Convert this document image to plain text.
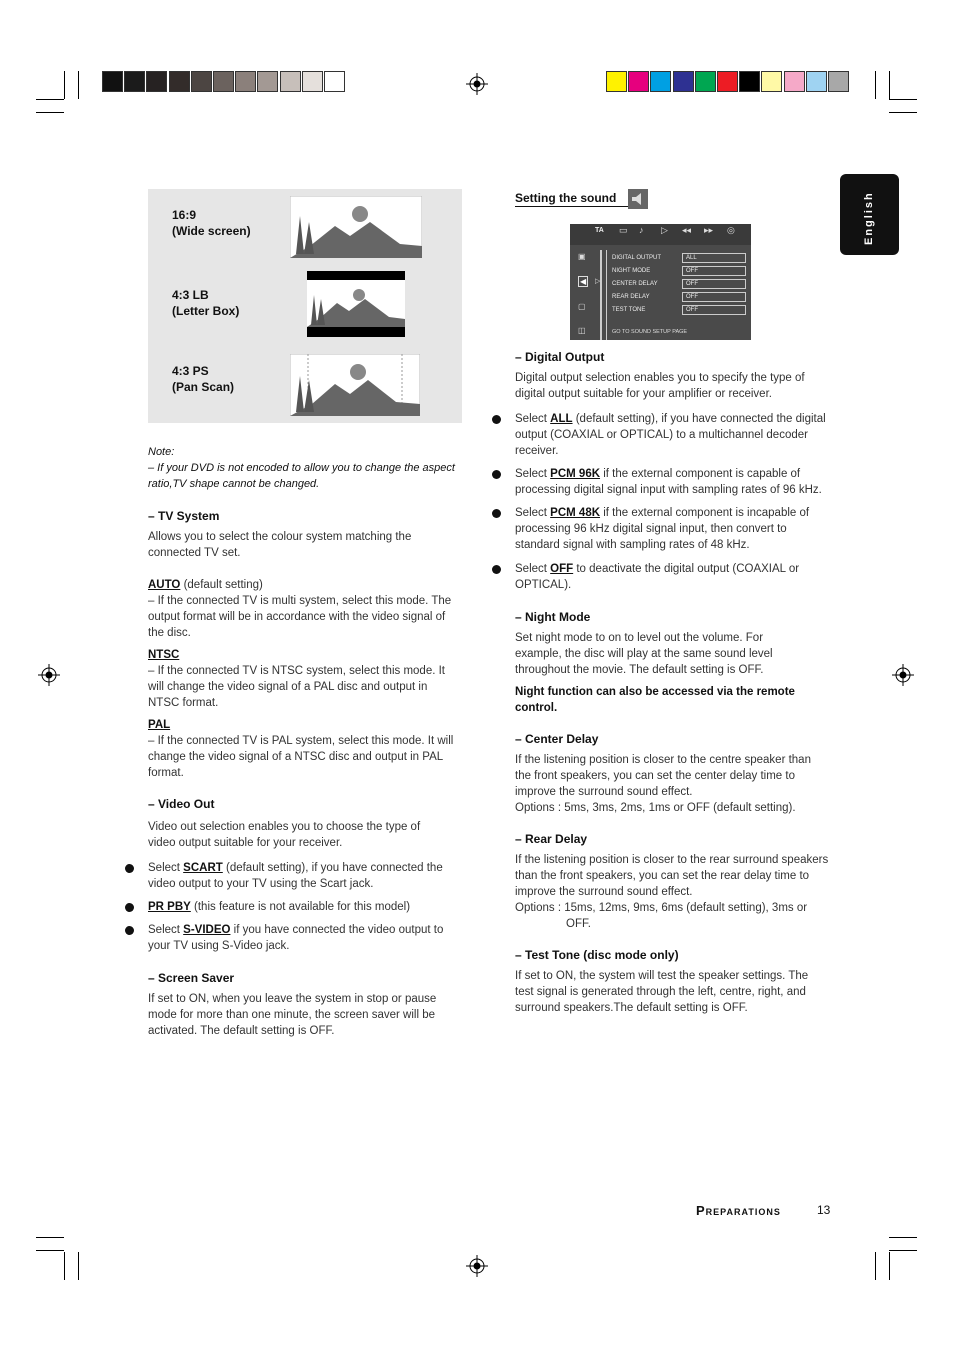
English
16:9
(Wide screen)
4:3 LB
(Letter Box)
4:3 PS
(Pan Scan)
Note:
– If your DVD is not encoded to allow you to change the aspect ratio,TV shape cannot be changed.
– TV System
Allows you to select the colour system matching the connected TV set.
AUTO (default setting)
– If the connected TV is multi system, select this mode. The output format will be in accordance with the video signal of the disc.
NTSC
– If the connected TV is NTSC system, select this mode. It will change the video signal of a PAL disc and output in NTSC format.
PAL
– If the connected TV is PAL system, select this mode. It will change the video signal of a NTSC disc and output in PAL format.
– Video Out
Video out selection enables you to choose the type of video output suitable for your receiver.
Select SCART (default setting), if you have connected the video output to your TV using the Scart jack.
PR PBY (this feature is not available for this model)
Select S-VIDEO if you have connected the video output to your TV using S-Video jack.
– Screen Saver
If set to ON, when you leave the system in stop or pause mode for more than one minute, the screen saver will be activated. The default setting is OFF.
Setting the sound
TA ▭ ♪ ▷ ◂◂ ▸▸ ◎
▣
◀ ▷
▢
◫
DIGITAL OUTPUT	ALL
NIGHT MODE	OFF
CENTER DELAY	OFF
REAR DELAY	OFF
TEST TONE	OFF
GO TO SOUND SETUP PAGE
– Digital Output
Digital output selection enables you to specify the type of digital output suitable for your amplifier or receiver.
Select ALL (default setting), if you have connected the digital output (COAXIAL or OPTICAL) to a multichannel decoder receiver.
Select PCM 96K if the external component is capable of processing digital signal input with sampling rates of 96 kHz.
Select PCM 48K if the external component is incapable of processing 96 kHz digital signal input, then convert to standard signal with sampling rates of 48 kHz.
Select OFF to deactivate the digital output (COAXIAL or OPTICAL).
– Night Mode
Set night mode to on to level out the volume. For example, the disc will play at the same sound level throughout the movie. The default setting is OFF.
Night function can also be accessed via the remote control.
– Center Delay
If the listening position is closer to the centre speaker than the front speakers, you can set the center delay time to improve the surround sound effect.
Options : 5ms, 3ms, 2ms, 1ms or OFF (default setting).
– Rear Delay
If the listening position is closer to the rear surround speakers than the front speakers, you can set the rear delay time to improve the surround sound effect.
Options : 15ms, 12ms, 9ms, 6ms (default setting), 3ms or
OFF.
– Test Tone (disc mode only)
If set to ON, the system will test the speaker settings. The test signal is generated through the left, centre, right, and surround speakers.The default setting is OFF.
Preparations	13
